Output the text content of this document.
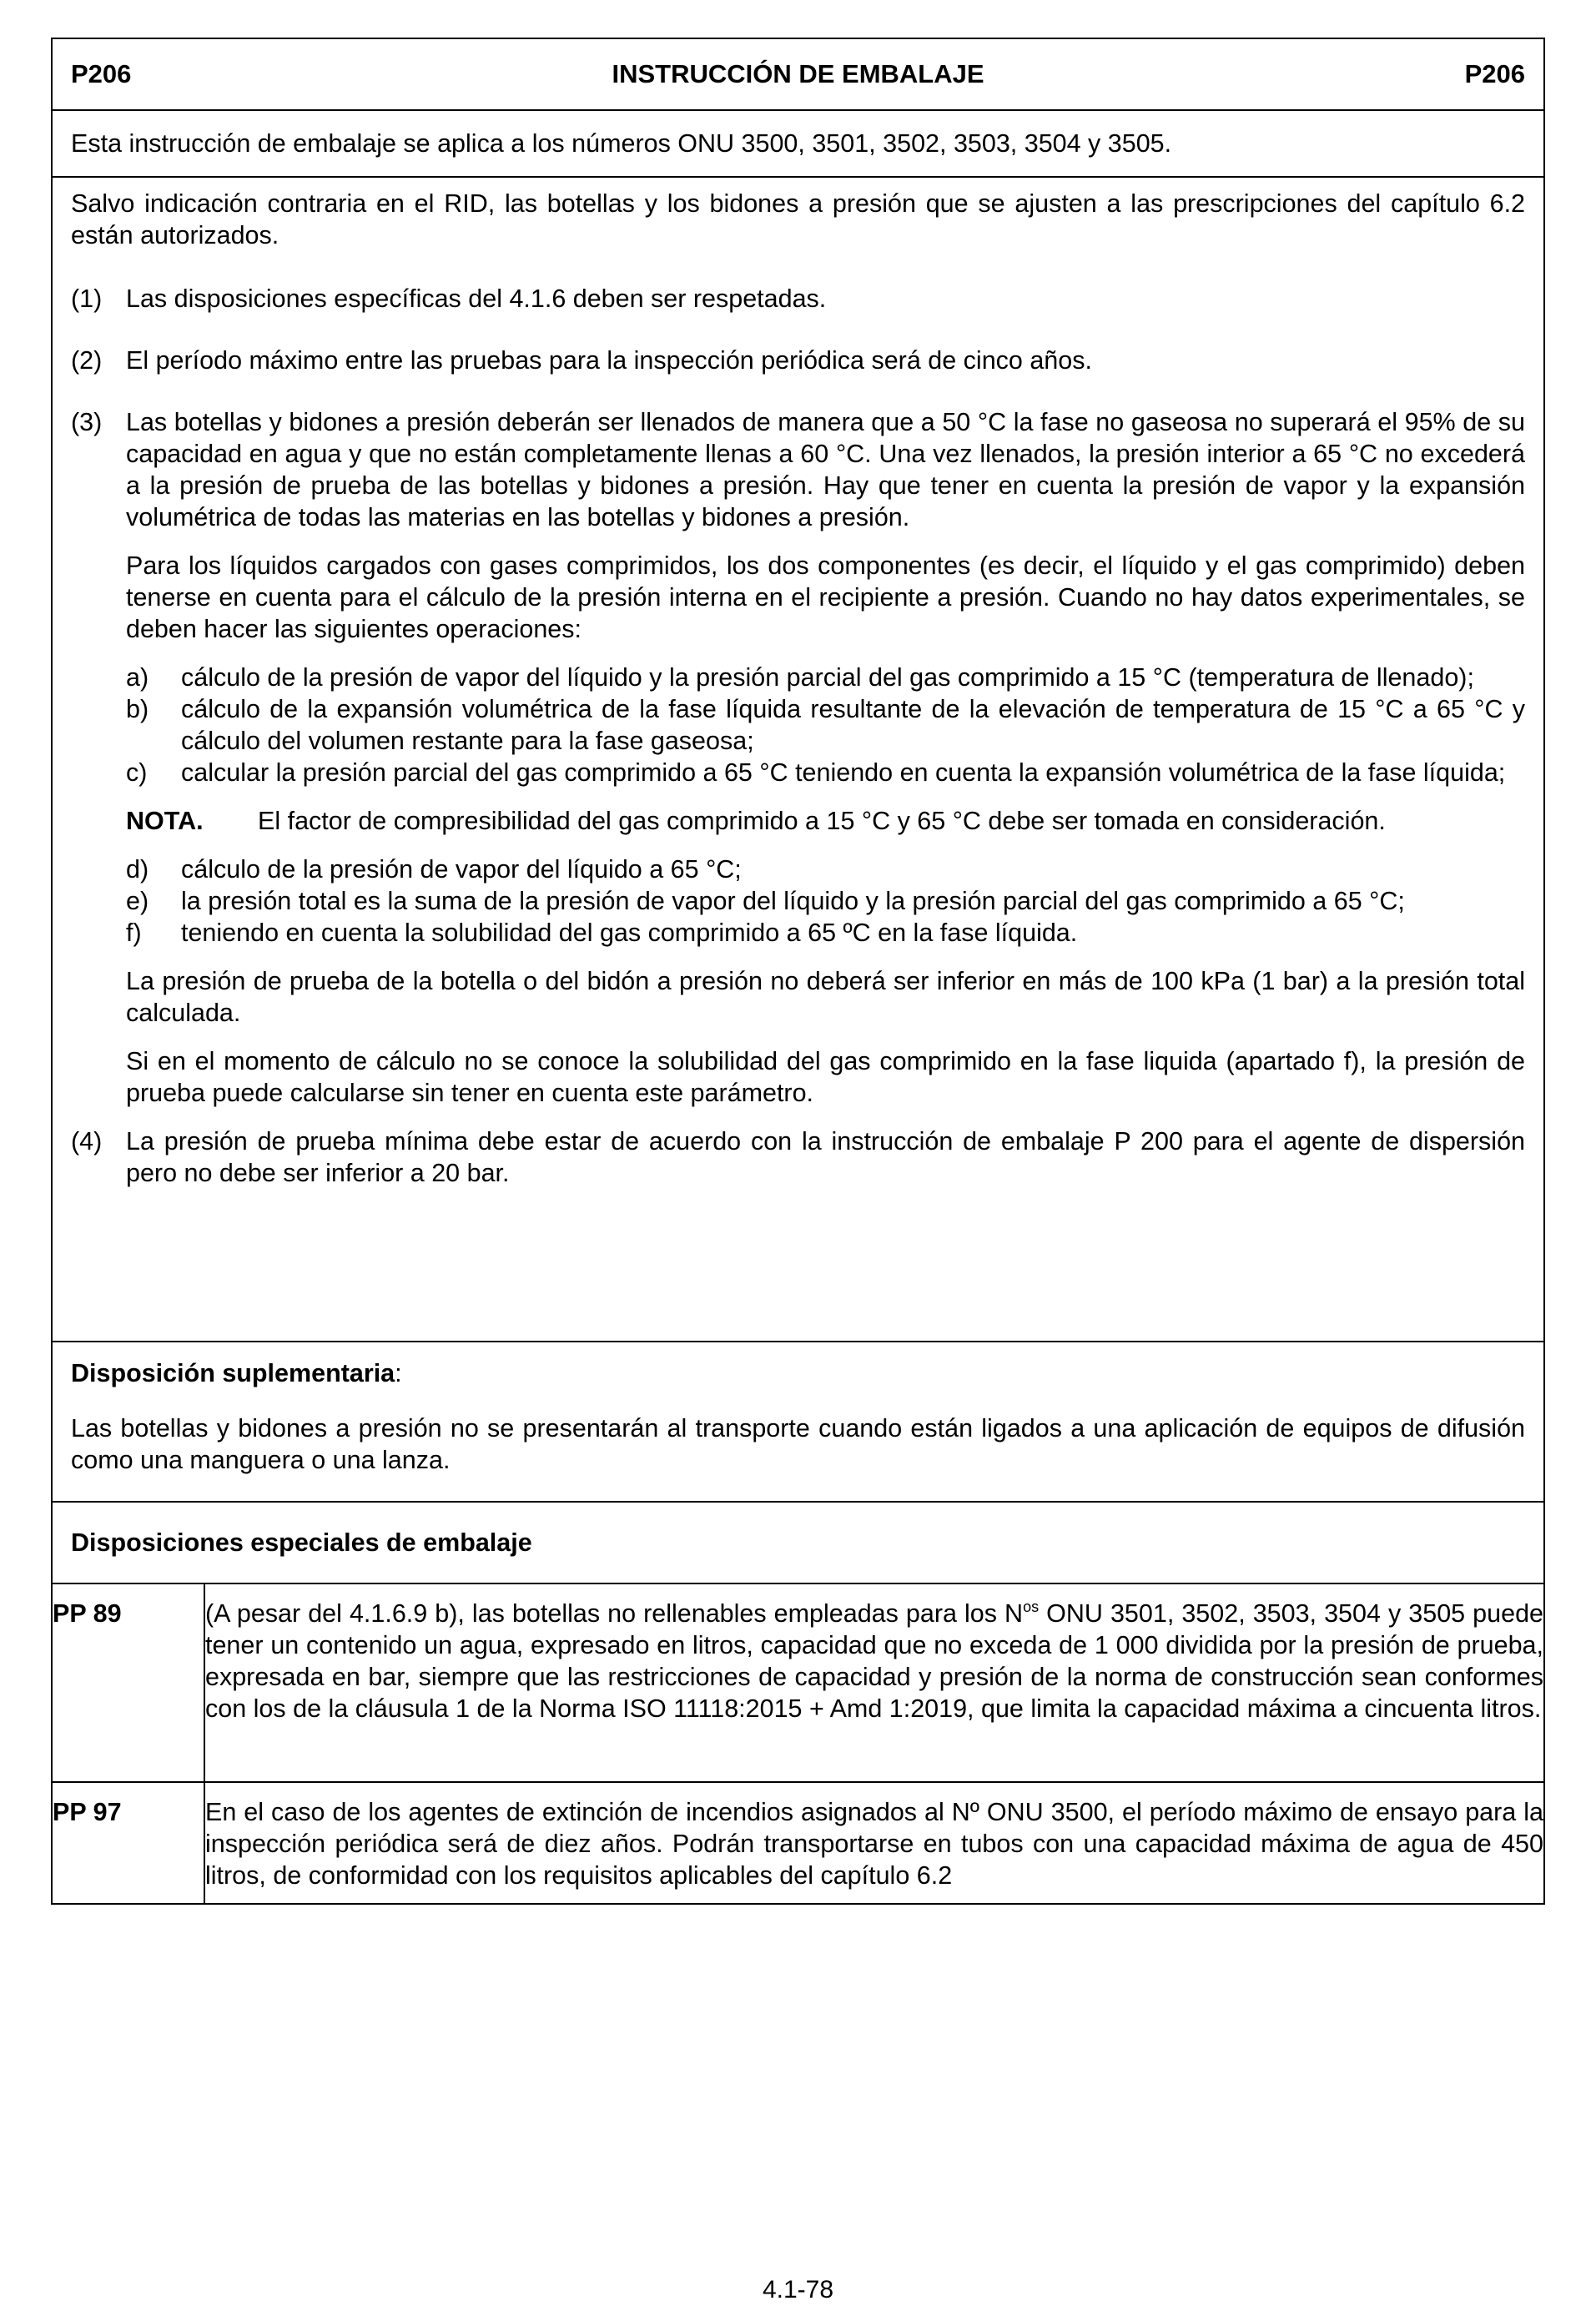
P206	INSTRUCCIÓN DE EMBALAJE	P206
Esta instrucción de embalaje se aplica a los números ONU 3500, 3501, 3502, 3503, 3504 y 3505.

Salvo indicación contraria en el RID, las botellas y los bidones a presión que se ajusten a las prescripciones del capítulo 6.2 están autorizados.

(1) Las disposiciones específicas del 4.1.6 deben ser respetadas.
(2) El período máximo entre las pruebas para la inspección periódica será de cinco años.
(3) Las botellas y bidones a presión deberán ser llenados de manera que a 50 °C la fase no gaseosa no superará el 95% de su capacidad en agua y que no están completamente llenas a 60 °C. Una vez llenados, la presión interior a 65 °C no excederá a la presión de prueba de las botellas y bidones a presión. Hay que tener en cuenta la presión de vapor y la expansión volumétrica de todas las materias en las botellas y bidones a presión.

Para los líquidos cargados con gases comprimidos, los dos componentes (es decir, el líquido y el gas comprimido) deben tenerse en cuenta para el cálculo de la presión interna en el recipiente a presión. Cuando no hay datos experimentales, se deben hacer las siguientes operaciones:

a)	cálculo de la presión de vapor del líquido y la presión parcial del gas comprimido a 15 °C (temperatura de llenado);
b)	cálculo de la expansión volumétrica de la fase líquida resultante de la elevación de temperatura de 15 °C a 65 °C y cálculo del volumen restante para la fase gaseosa;
c)	calcular la presión parcial del gas comprimido a 65 °C teniendo en cuenta la expansión volumétrica de la fase líquida;
NOTA.	El factor de compresibilidad del gas comprimido a 15 °C y 65 °C debe ser tomada en consideración.
d)	cálculo de la presión de vapor del líquido a 65 °C;
e)	la presión total es la suma de la presión de vapor del líquido y la presión parcial del gas comprimido a 65 °C;
f)	teniendo en cuenta la solubilidad del gas comprimido a 65 ºC en la fase líquida.

La presión de prueba de la botella o del bidón a presión no deberá ser inferior en más de 100 kPa (1 bar) a la presión total calculada.

Si en el momento de cálculo no se conoce la solubilidad del gas comprimido en la fase liquida (apartado f), la presión de prueba puede calcularse sin tener en cuenta este parámetro.

(4) La presión de prueba mínima debe estar de acuerdo con la instrucción de embalaje P 200 para el agente de dispersión pero no debe ser inferior a 20 bar.

Disposición suplementaria:

Las botellas y bidones a presión no se presentarán al transporte cuando están ligados a una aplicación de equipos de difusión como una manguera o una lanza.

Disposiciones especiales de embalaje
PP 89	(A pesar del 4.1.6.9 b), las botellas no rellenables empleadas para los $N^{os}$ ONU 3501, 3502, 3503, 3504 y 3505 puede tener un contenido un agua, expresado en litros, capacidad que no exceda de 1 000 dividida por la presión de prueba, expresada en bar, siempre que las restricciones de capacidad y presión de la norma de construcción sean conformes con los de la cláusula 1 de la Norma ISO 11118:2015 + Amd 1:2019, que limita la capacidad máxima a cincuenta litros.
PP 97	En el caso de los agentes de extinción de incendios asignados al Nº ONU 3500, el período máximo de ensayo para la inspección periódica será de diez años. Podrán transportarse en tubos con una capacidad máxima de agua de 450 litros, de conformidad con los requisitos aplicables del capítulo 6.2
4.1-78
